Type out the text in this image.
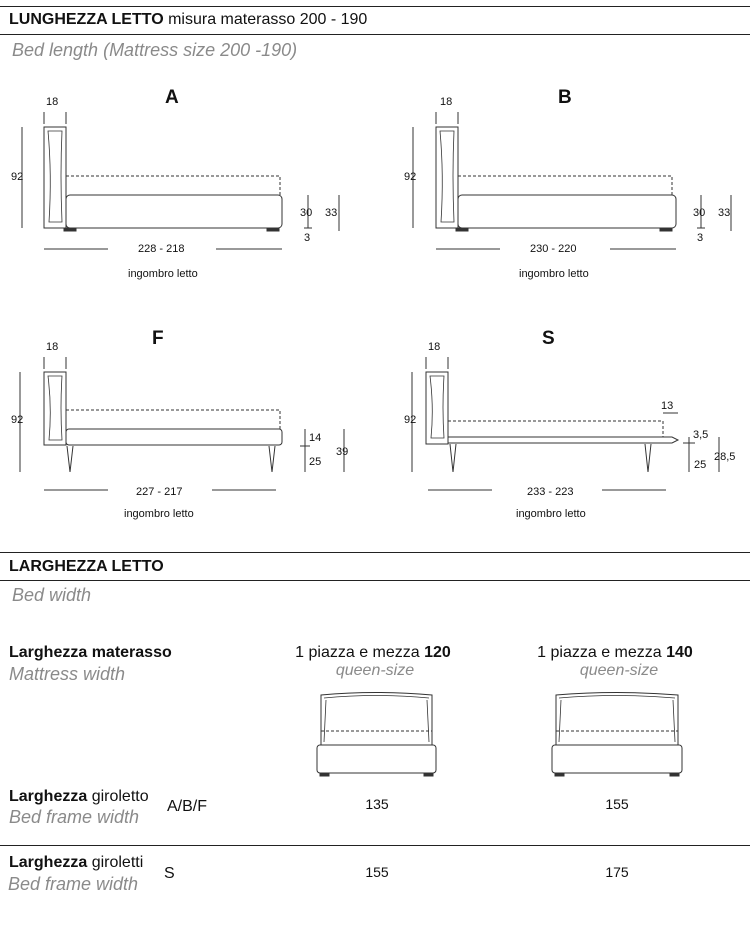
LUNGHEZZA LETTO misura materasso 200 - 190
Bed length (Mattress size 200 -190)
A
18
92
228 - 218
ingombro letto
30 33
3
B
18
92
230 - 220
ingombro letto
30 33
3
F
18
92
227 - 217
ingombro letto
14
25
39
S
18
92
233 - 223
ingombro letto
13
3,5
25
28,5
LARGHEZZA LETTO
Bed width
Larghezza materasso
Mattress width
1 piazza e mezza 120
queen-size
1 piazza e mezza 140
queen-size
Larghezza giroletto
Bed frame width
A/B/F	135	155
Larghezza giroletti
Bed frame width
S	155	175
